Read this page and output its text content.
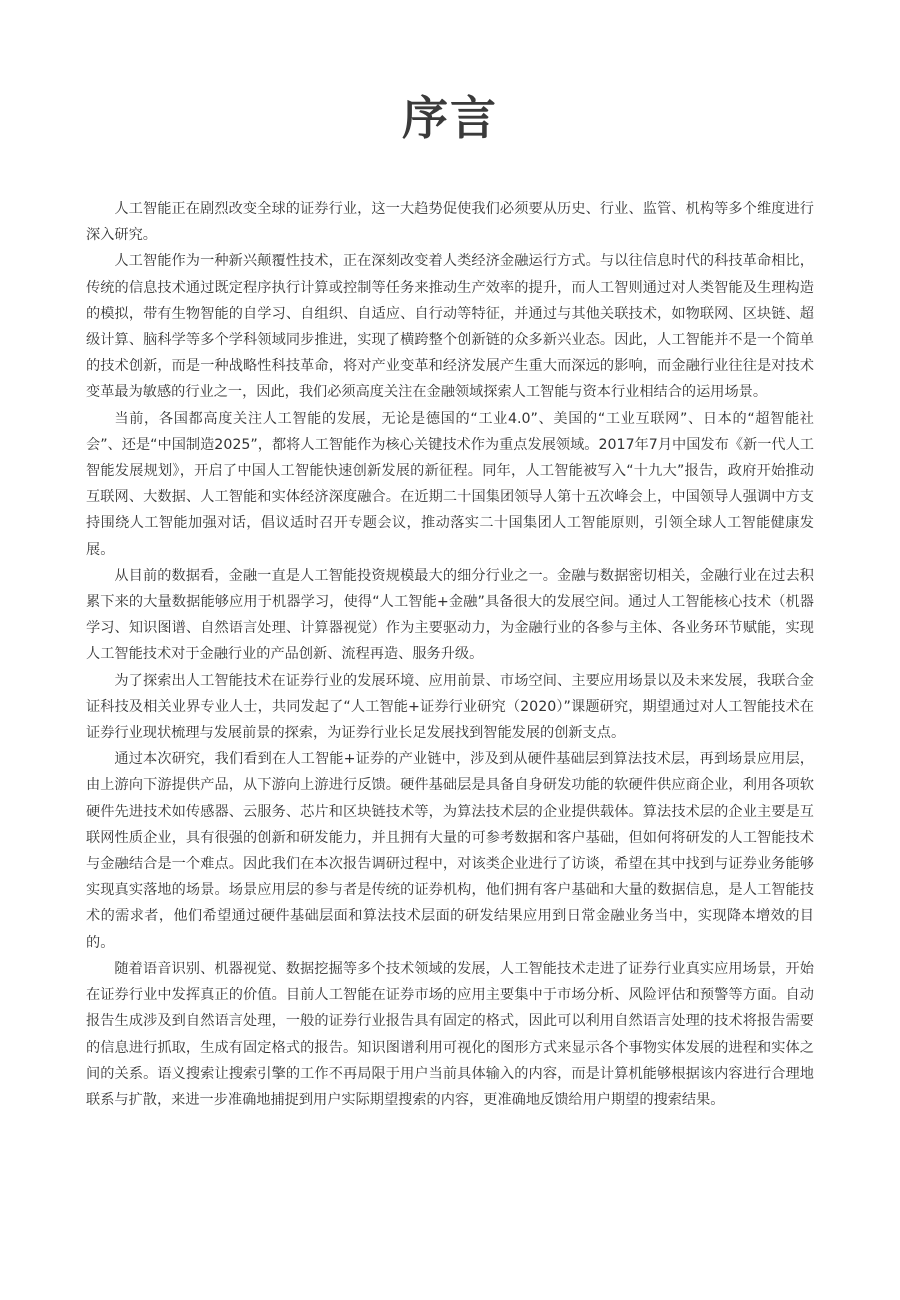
序言

人工智能正在剧烈改变全球的证券行业，这一大趋势促使我们必须要从历史、行业、监管、机构等多个维度进行深入研究。

人工智能作为一种新兴颠覆性技术，正在深刻改变着人类经济金融运行方式。与以往信息时代的科技革命相比，传统的信息技术通过既定程序执行计算或控制等任务来推动生产效率的提升，而人工智则通过对人类智能及生理构造的模拟，带有生物智能的自学习、自组织、自适应、自行动等特征，并通过与其他关联技术，如物联网、区块链、超级计算、脑科学等多个学科领域同步推进，实现了横跨整个创新链的众多新兴业态。因此，人工智能并不是一个简单的技术创新，而是一种战略性科技革命，将对产业变革和经济发展产生重大而深远的影响，而金融行业往往是对技术变革最为敏感的行业之一，因此，我们必须高度关注在金融领域探索人工智能与资本行业相结合的运用场景。

当前，各国都高度关注人工智能的发展，无论是德国的“工业4.0”、美国的“工业互联网”、日本的“超智能社会”、还是“中国制造2025”，都将人工智能作为核心关键技术作为重点发展领域。2017年7月中国发布《新一代人工智能发展规划》，开启了中国人工智能快速创新发展的新征程。同年，人工智能被写入“十九大”报告，政府开始推动互联网、大数据、人工智能和实体经济深度融合。在近期二十国集团领导人第十五次峰会上，中国领导人强调中方支持围绕人工智能加强对话，倡议适时召开专题会议，推动落实二十国集团人工智能原则，引领全球人工智能健康发展。

从目前的数据看，金融一直是人工智能投资规模最大的细分行业之一。金融与数据密切相关，金融行业在过去积累下来的大量数据能够应用于机器学习，使得“人工智能+金融”具备很大的发展空间。通过人工智能核心技术（机器学习、知识图谱、自然语言处理、计算器视觉）作为主要驱动力，为金融行业的各参与主体、各业务环节赋能，实现人工智能技术对于金融行业的产品创新、流程再造、服务升级。

为了探索出人工智能技术在证券行业的发展环境、应用前景、市场空间、主要应用场景以及未来发展，我联合金证科技及相关业界专业人士，共同发起了“人工智能+证券行业研究（2020）”课题研究，期望通过对人工智能技术在证券行业现状梳理与发展前景的探索，为证券行业长足发展找到智能发展的创新支点。

通过本次研究，我们看到在人工智能+证券的产业链中，涉及到从硬件基础层到算法技术层，再到场景应用层，由上游向下游提供产品，从下游向上游进行反馈。硬件基础层是具备自身研发功能的软硬件供应商企业，利用各项软硬件先进技术如传感器、云服务、芯片和区块链技术等，为算法技术层的企业提供载体。算法技术层的企业主要是互联网性质企业，具有很强的创新和研发能力，并且拥有大量的可参考数据和客户基础，但如何将研发的人工智能技术与金融结合是一个难点。因此我们在本次报告调研过程中，对该类企业进行了访谈，希望在其中找到与证券业务能够实现真实落地的场景。场景应用层的参与者是传统的证券机构，他们拥有客户基础和大量的数据信息，是人工智能技术的需求者，他们希望通过硬件基础层面和算法技术层面的研发结果应用到日常金融业务当中，实现降本增效的目的。

随着语音识别、机器视觉、数据挖掘等多个技术领域的发展，人工智能技术走进了证券行业真实应用场景，开始在证券行业中发挥真正的价值。目前人工智能在证券市场的应用主要集中于市场分析、风险评估和预警等方面。自动报告生成涉及到自然语言处理，一般的证券行业报告具有固定的格式，因此可以利用自然语言处理的技术将报告需要的信息进行抓取，生成有固定格式的报告。知识图谱利用可视化的图形方式来显示各个事物实体发展的进程和实体之间的关系。语义搜索让搜索引擎的工作不再局限于用户当前具体输入的内容，而是计算机能够根据该内容进行合理地联系与扩散，来进一步准确地捕捉到用户实际期望搜索的内容，更准确地反馈给用户期望的搜索结果。
